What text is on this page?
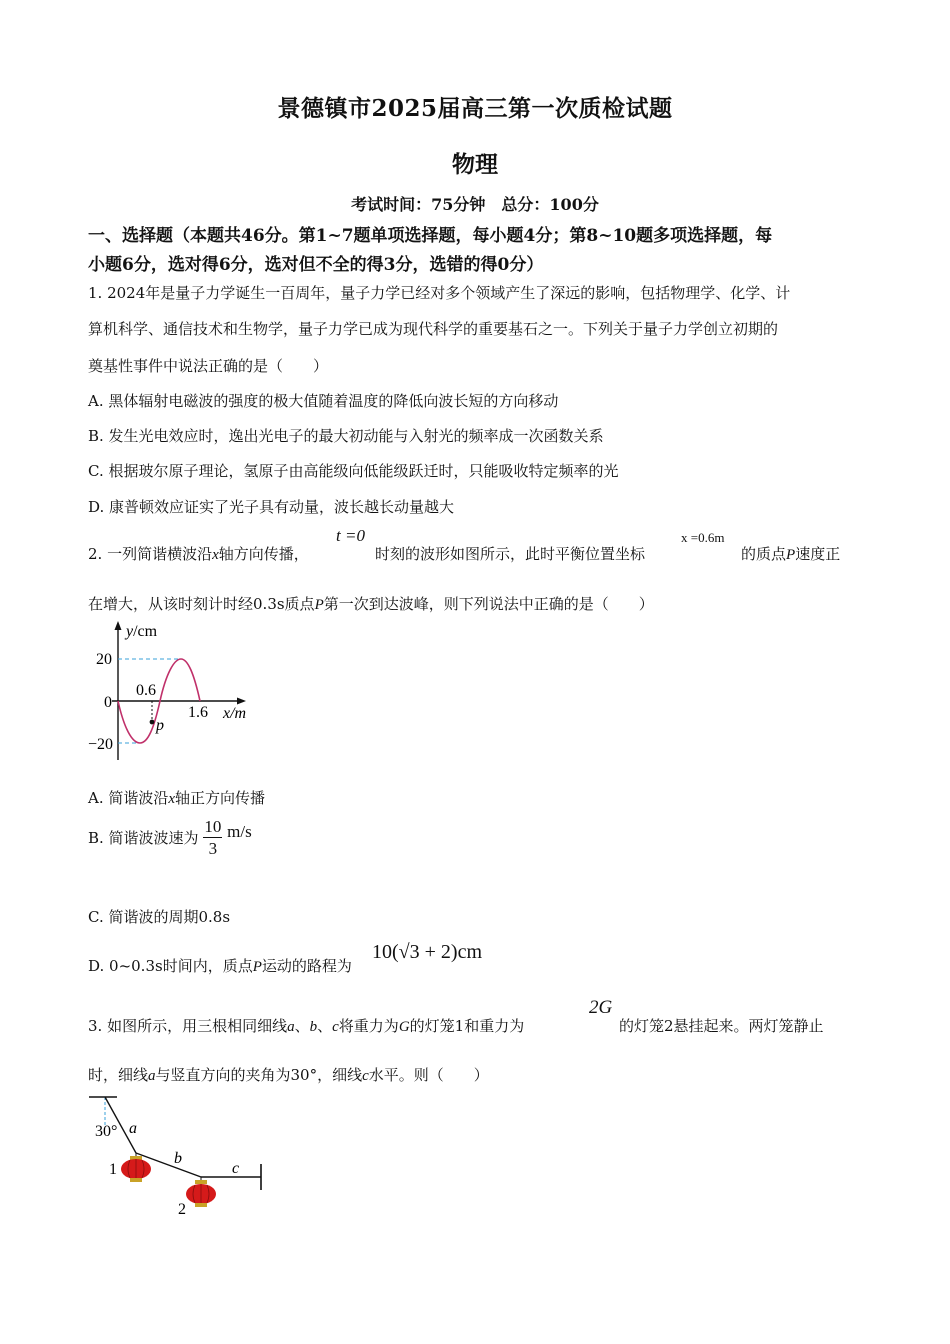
景德镇市2025届高三第一次质检试题
物理
考试时间：75分钟　总分：100分
一、选择题（本题共46分。第1~7题单项选择题，每小题4分；第8~10题多项选择题，每
小题6分，选对得6分，选对但不全的得3分，选错的得0分）
1. 2024年是量子力学诞生一百周年，量子力学已经对多个领域产生了深远的影响，包括物理学、化学、计
算机科学、通信技术和生物学，量子力学已成为现代科学的重要基石之一。下列关于量子力学创立初期的
奠基性事件中说法正确的是（　　）
A. 黑体辐射电磁波的强度的极大值随着温度的降低向波长短的方向移动
B. 发生光电效应时，逸出光电子的最大初动能与入射光的频率成一次函数关系
C. 根据玻尔原子理论，氢原子由高能级向低能级跃迁时，只能吸收特定频率的光
D. 康普顿效应证实了光子具有动量，波长越长动量越大
2. 一列简谐横波沿x轴方向传播，
t =0
时刻的波形如图所示，此时平衡位置坐标
x =0.6m
的质点P速度正
在增大，从该时刻计时经0.3s质点P第一次到达波峰，则下列说法中正确的是（　　）
y/cm
20
0
−20
0.6
1.6 x/m
p
A. 简谐波沿x轴正方向传播
B. 简谐波波速为 $\frac{10}{3} m/s$
C. 简谐波的周期0.8s
D. 0~0.3s时间内，质点P运动的路程为
10(√3 + 2)cm
3. 如图所示，用三根相同细线a、b、c将重力为G的灯笼1和重力为
2G
的灯笼2悬挂起来。两灯笼静止
时，细线a与竖直方向的夹角为30°，细线c水平。则（　　）
30° a
b
c
1
2
